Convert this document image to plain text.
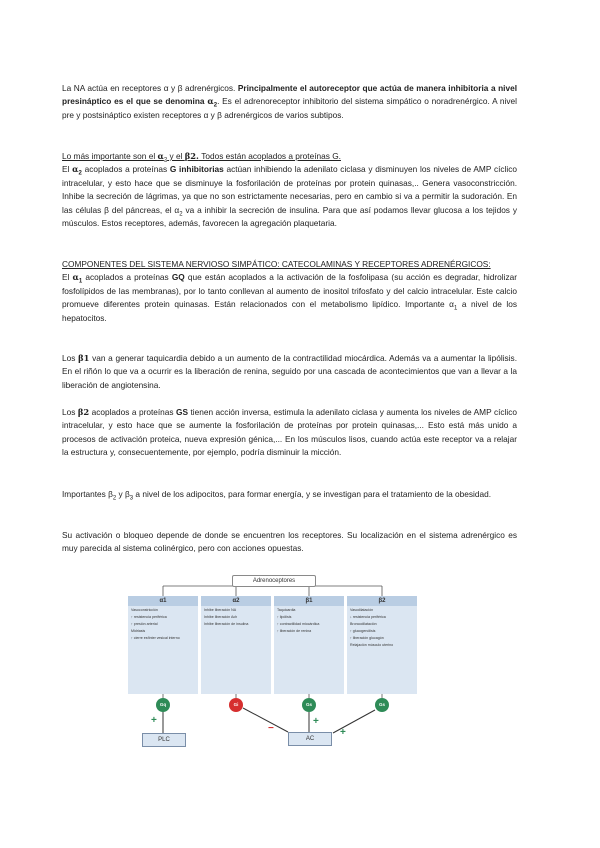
La NA actúa en receptores α y β adrenérgicos. Principalmente el autoreceptor que actúa de manera inhibitoria a nivel presináptico es el que se denomina $\alpha_2$. Es el adrenoreceptor inhibitorio del sistema simpático o noradrenérgico. A nivel pre y postsináptico existen receptores α y β adrenérgicos de varios subtipos.

Lo más importante son el $\alpha_2$ y el β2. Todos están acoplados a proteínas G.

El $\alpha_2$ acoplados a proteínas G inhibitorias actúan inhibiendo la adenilato ciclasa y disminuyen los niveles de AMP cíclico intracelular, y esto hace que se disminuye la fosforilación de proteínas por protein quinasas,.. Genera vasoconstricción. Inhibe la secreción de lágrimas, ya que no son estrictamente necesarias, pero en cambio si va a permitir la sudoración. En las células β del páncreas, el $\alpha_2$ va a inhibir la secreción de insulina. Para que así podamos llevar glucosa a los tejidos y músculos. Estos receptores, además, favorecen la agregación plaquetaria.

COMPONENTES DEL SISTEMA NERVIOSO SIMPÁTICO: CATECOLAMINAS Y RECEPTORES ADRENÉRGICOS:

El $\alpha_1$ acoplados a proteínas GQ que están acoplados a la activación de la fosfolipasa (su acción es degradar, hidrolizar fosfolípidos de las membranas), por lo tanto conllevan al aumento de inositol trifosfato y del calcio intracelular. Este calcio promueve diferentes protein quinasas. Están relacionados con el metabolismo lipídico. Importante $\alpha_1$ a nivel de los hepatocitos.

Los β1 van a generar taquicardia debido a un aumento de la contractilidad miocárdica. Además va a aumentar la lipólisis. En el riñón lo que va a ocurrir es la liberación de renina, seguido por una cascada de acontecimientos que van a llevar a la liberación de angiotensina.

Los β2 acoplados a proteínas GS tienen acción inversa, estimula la adenilato ciclasa y aumenta los niveles de AMP cíclico intracelular, y esto hace que se aumente la fosforilación de proteínas por protein quinasas,... Esto está más unido a procesos de activación proteica, nueva expresión génica,... En los músculos lisos, cuando actúa este receptor va a relajar la estructura y, consecuentemente, por ejemplo, podría disminuir la micción.

Importantes $\beta_2$ y $\beta_3$ a nivel de los adipocitos, para formar energía, y se investigan para el tratamiento de la obesidad.

Su activación o bloqueo depende de donde se encuentren los receptores. Su localización en el sistema adrenérgico es muy parecida al sistema colinérgico, pero con acciones opuestas.

Adrenoceptores
α1
Vasoconstricción
↑ resistencia periférica
↑ presión arterial
Midriasis
↑ cierre esfínter vesical interno
α2
Inhibe liberación NA
Inhibe liberación Ach
Inhibe liberación de insulina
β1
Taquicardia
↑ lipólisis
↑ contractilidad miocárdica
↑ liberación de renina
β2
Vasodilatación
↓ resistencia periférica
Broncodilatación
↑ glucogenólisis
↑ liberación glucagón
Relajación músculo uterino
Gq	Gi	Gs	Gs
PLC	AC
+
−
+
+
